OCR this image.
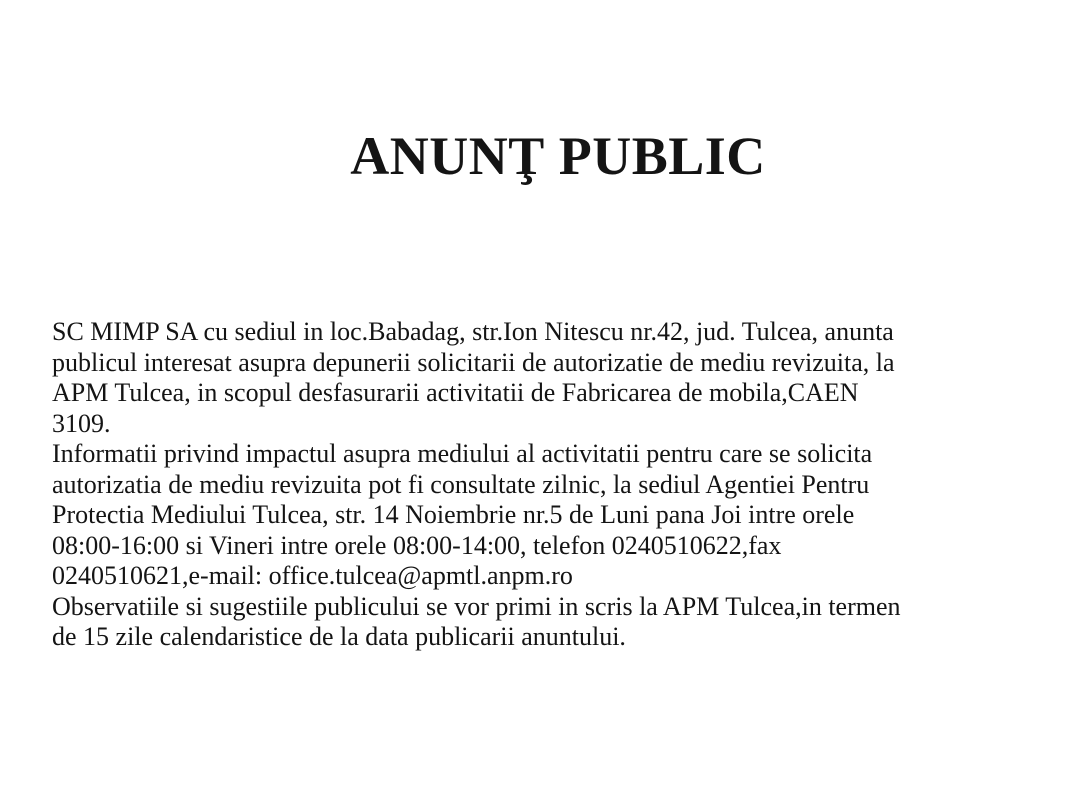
ANUNŢ PUBLIC
SC MIMP SA cu sediul in loc.Babadag, str.Ion Nitescu nr.42, jud. Tulcea, anunta
publicul interesat asupra depunerii solicitarii de autorizatie de mediu revizuita, la
APM Tulcea, in scopul desfasurarii activitatii de Fabricarea de mobila,CAEN
3109.
Informatii privind impactul asupra mediului al activitatii pentru care se solicita
autorizatia de mediu revizuita pot fi consultate zilnic, la sediul Agentiei Pentru
Protectia Mediului Tulcea, str. 14 Noiembrie nr.5 de Luni pana Joi intre orele
08:00-16:00 si Vineri intre orele 08:00-14:00, telefon 0240510622,fax
0240510621,e-mail: office.tulcea@apmtl.anpm.ro
Observatiile si sugestiile publicului se vor primi in scris la APM Tulcea,in termen
de 15 zile calendaristice de la data publicarii anuntului.
